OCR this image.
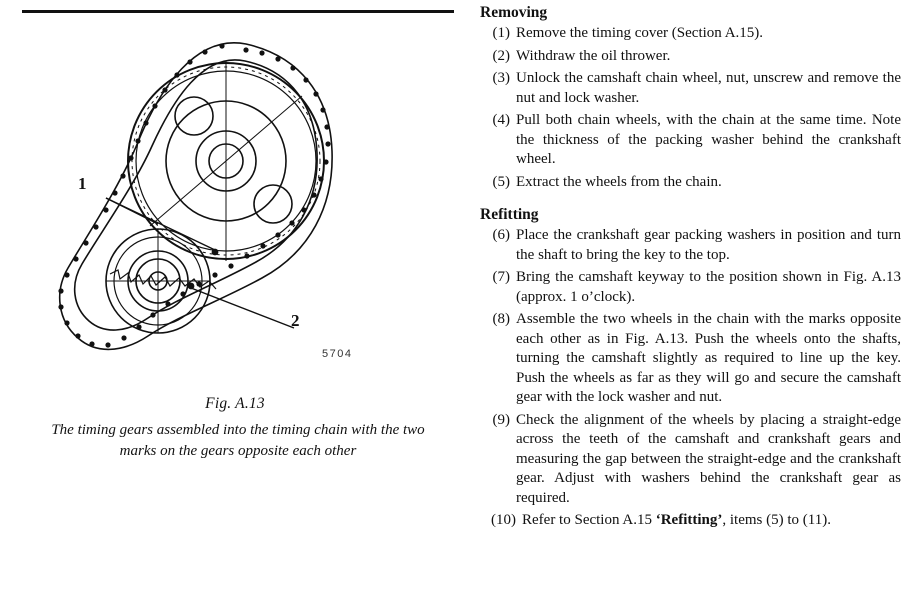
1
2
5704
Fig. A.13
The timing gears assembled into the timing chain with the two marks on the gears opposite each other
Removing
(1) Remove the timing cover (Section A.15).
(2) Withdraw the oil thrower.
(3) Unlock the camshaft chain wheel, nut, unscrew and remove the nut and lock washer.
(4) Pull both chain wheels, with the chain at the same time. Note the thickness of the packing washer behind the crankshaft wheel.
(5) Extract the wheels from the chain.
Refitting
(6) Place the crankshaft gear packing washers in position and turn the shaft to bring the key to the top.
(7) Bring the camshaft keyway to the position shown in Fig. A.13 (approx. 1 o’clock).
(8) Assemble the two wheels in the chain with the marks opposite each other as in Fig. A.13. Push the wheels onto the shafts, turning the camshaft slightly as required to line up the key. Push the wheels as far as they will go and secure the camshaft gear with the lock washer and nut.
(9) Check the alignment of the wheels by placing a straight-edge across the teeth of the camshaft and crankshaft gears and measuring the gap between the straight-edge and the crankshaft gear. Adjust with washers behind the crankshaft gear as required.
(10) Refer to Section A.15 ‘Refitting’, items (5) to (11).
